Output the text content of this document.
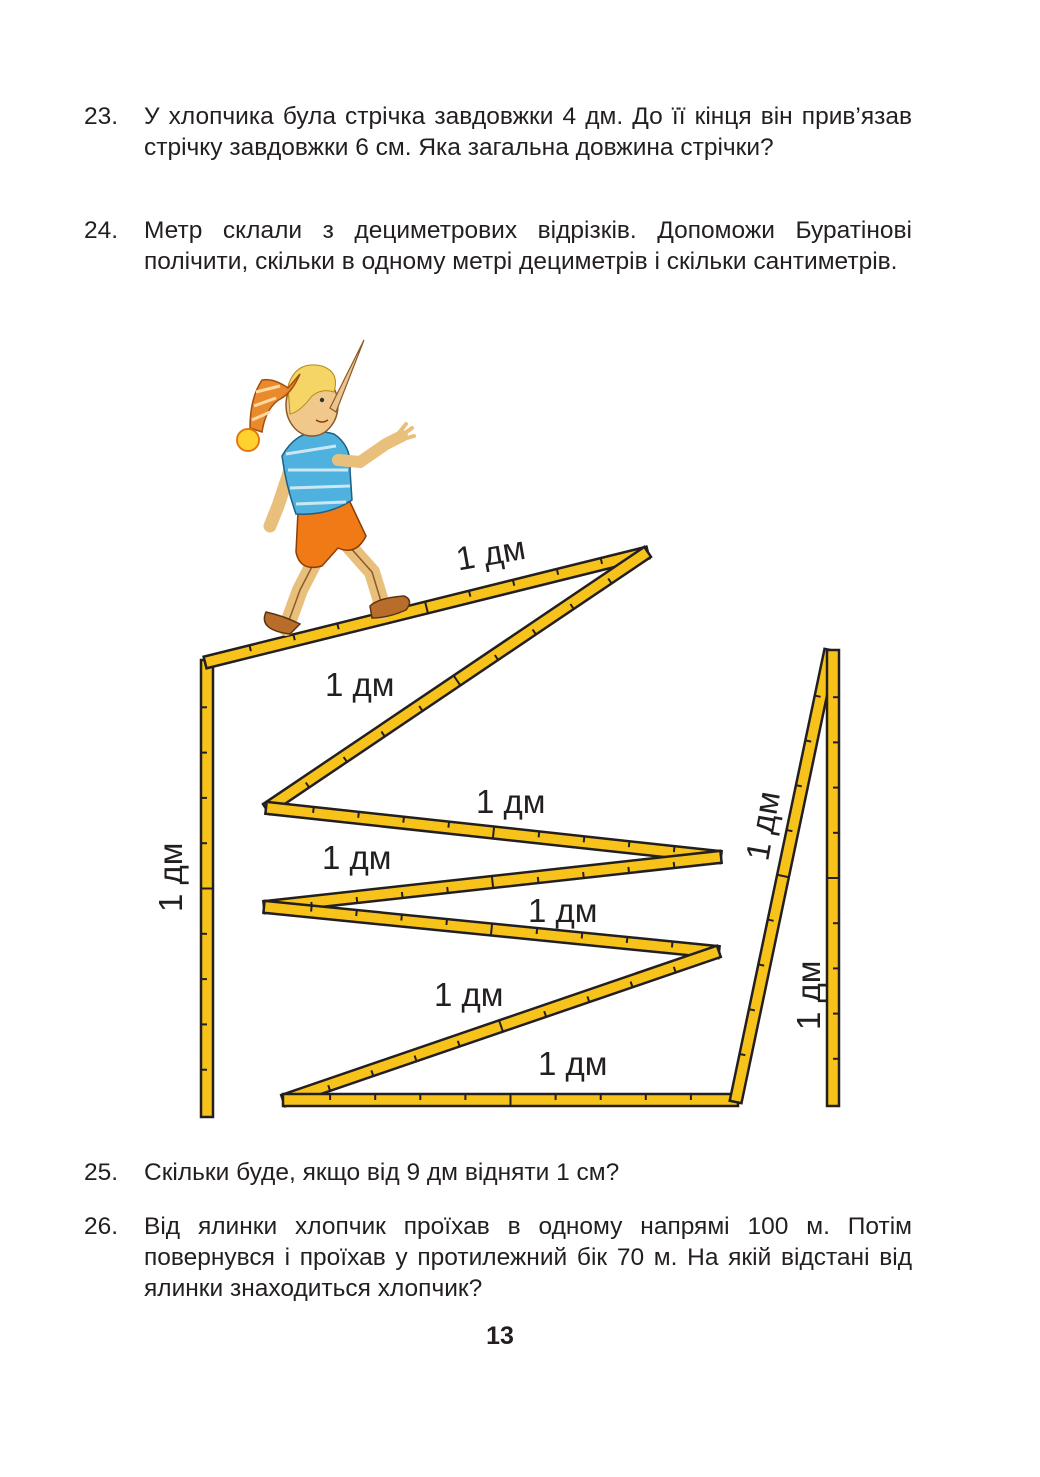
23.	У хлопчика була стрічка завдовжки 4 дм. До її кінця він прив’язав стрічку завдовжки 6 см. Яка загальна довжина стрічки?
24.	Метр склали з дециметрових відрізків. Допоможи Буратінові полічити, скільки в одному метрі дециметрів і скільки сантиметрів.
1 дм
1 дм
1 дм
1 дм
1 дм
1 дм
1 дм
1 дм
1 дм
1 дм
25.	Скільки буде, якщо від 9 дм відняти 1 см?
26.	Від ялинки хлопчик проїхав в одному напрямі 100 м. Потім повернувся і проїхав у протилежний бік 70 м. На якій відстані від ялинки знаходиться хлопчик?
13
